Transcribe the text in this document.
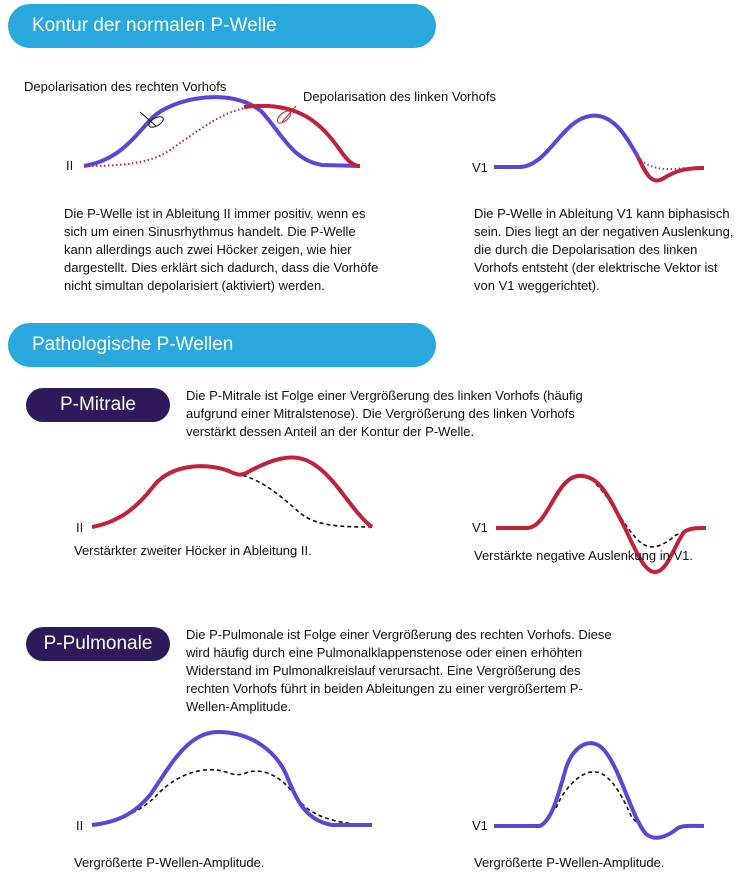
Kontur der normalen P-Welle

Depolarisation des rechten Vorhofs

Depolarisation des linken Vorhofs

II	V1

Die P-Welle ist in Ableitung II immer positiv, wenn es
sich um einen Sinusrhythmus handelt. Die P-Welle
kann allerdings auch zwei Höcker zeigen, wie hier
dargestellt. Dies erklärt sich dadurch, dass die Vorhöfe
nicht simultan depolarisiert (aktiviert) werden.

Die P-Welle in Ableitung V1 kann biphasisch
sein. Dies liegt an der negativen Auslenkung,
die durch die Depolarisation des linken
Vorhofs entsteht (der elektrische Vektor ist
von V1 weggerichtet).

Pathologische P-Wellen
P-Mitrale	Die P-Mitrale ist Folge einer Vergrößerung des linken Vorhofs (häufig
aufgrund einer Mitralstenose). Die Vergrößerung des linken Vorhofs
verstärkt dessen Anteil an der Kontur der P-Welle.

II

Verstärkter zweiter Höcker in Ableitung II.

V1

Verstärkte negative Auslenkung in V1.

P-Pulmonale	Die P-Pulmonale ist Folge einer Vergrößerung des rechten Vorhofs. Diese
wird häufig durch eine Pulmonalklappenstenose oder einen erhöhten
Widerstand im Pulmonalkreislauf verursacht. Eine Vergrößerung des
rechten Vorhofs führt in beiden Ableitungen zu einer vergrößertem P-
Wellen-Amplitude.

II

Vergrößerte P-Wellen-Amplitude.

V1

Vergrößerte P-Wellen-Amplitude.
